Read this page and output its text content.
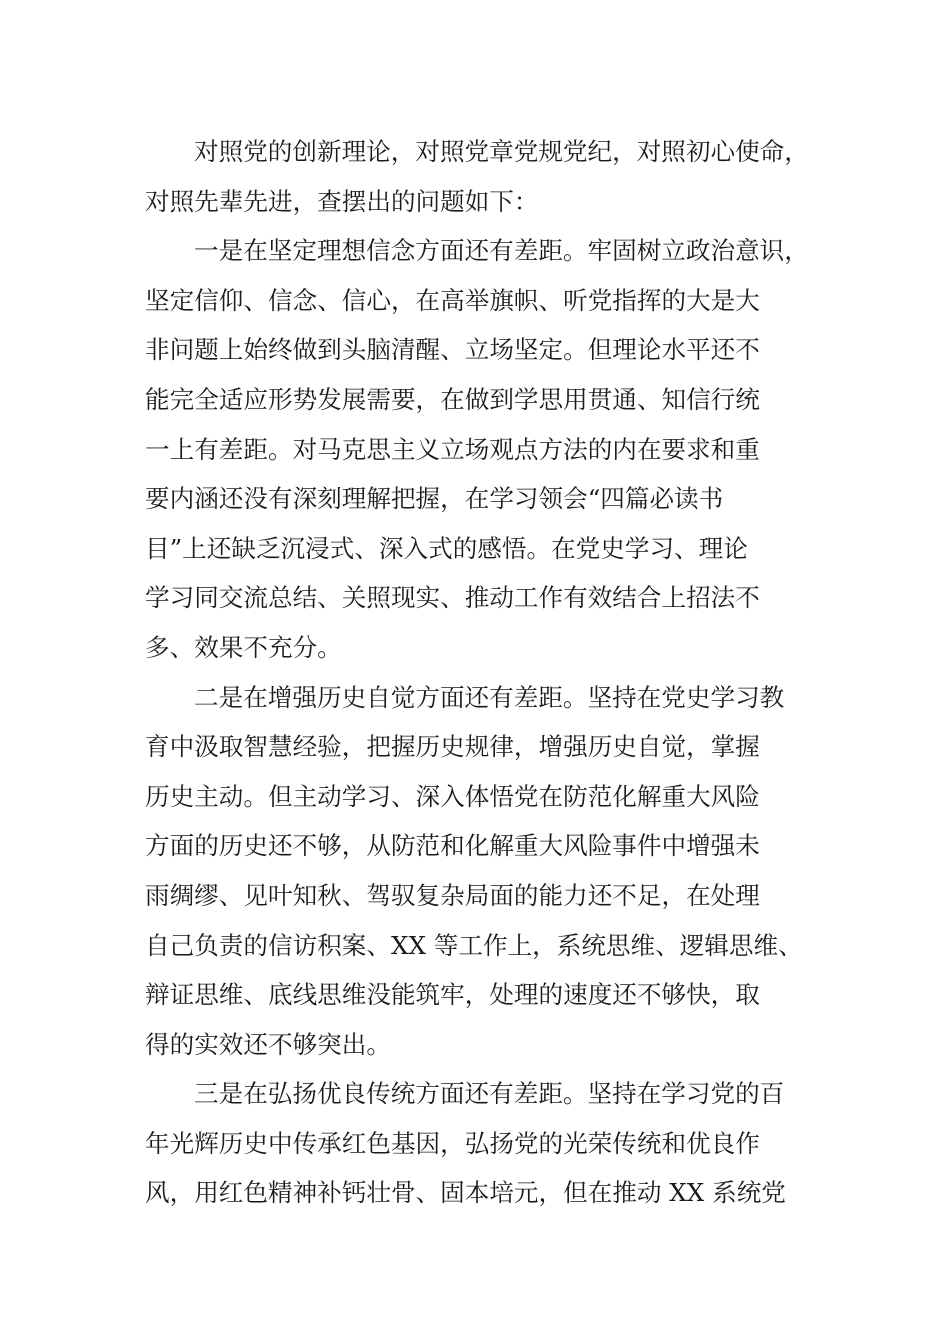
对照党的创新理论，对照党章党规党纪，对照初心使命，
对照先辈先进，查摆出的问题如下：
一是在坚定理想信念方面还有差距。牢固树立政治意识，
坚定信仰、信念、信心，在高举旗帜、听党指挥的大是大
非问题上始终做到头脑清醒、立场坚定。但理论水平还不
能完全适应形势发展需要，在做到学思用贯通、知信行统
一上有差距。对马克思主义立场观点方法的内在要求和重
要内涵还没有深刻理解把握，在学习领会“四篇必读书
目”上还缺乏沉浸式、深入式的感悟。在党史学习、理论
学习同交流总结、关照现实、推动工作有效结合上招法不
多、效果不充分。
二是在增强历史自觉方面还有差距。坚持在党史学习教
育中汲取智慧经验，把握历史规律，增强历史自觉，掌握
历史主动。但主动学习、深入体悟党在防范化解重大风险
方面的历史还不够，从防范和化解重大风险事件中增强未
雨绸缪、见叶知秋、驾驭复杂局面的能力还不足，在处理
自己负责的信访积案、XX 等工作上，系统思维、逻辑思维、
辩证思维、底线思维没能筑牢，处理的速度还不够快，取
得的实效还不够突出。
三是在弘扬优良传统方面还有差距。坚持在学习党的百
年光辉历史中传承红色基因，弘扬党的光荣传统和优良作
风，用红色精神补钙壮骨、固本培元，但在推动 XX 系统党
